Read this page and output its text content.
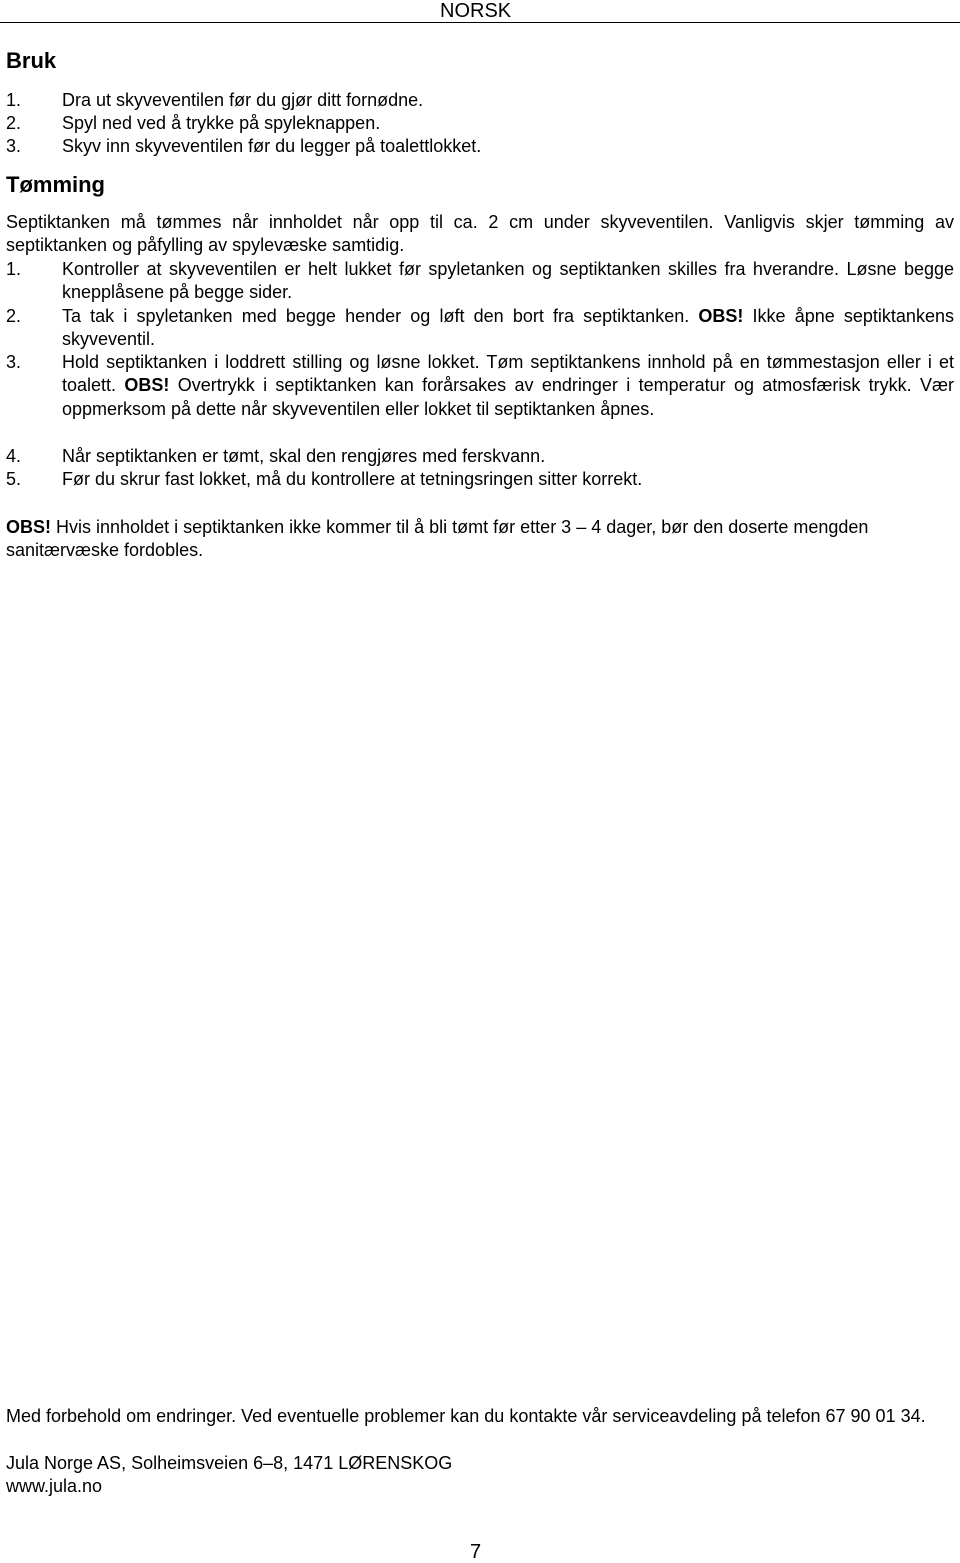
NORSK
Bruk
1.	Dra ut skyveventilen før du gjør ditt fornødne.
2.	Spyl ned ved å trykke på spyleknappen.
3.	Skyv inn skyveventilen før du legger på toalettlokket.
Tømming
Septiktanken må tømmes når innholdet når opp til ca. 2 cm under skyveventilen. Vanligvis skjer tømming av septiktanken og påfylling av spylevæske samtidig.
1.	Kontroller at skyveventilen er helt lukket før spyletanken og septiktanken skilles fra hverandre. Løsne begge knepplåsene på begge sider.
2.	Ta tak i spyletanken med begge hender og løft den bort fra septiktanken. OBS! Ikke åpne septiktankens skyveventil.
3.	Hold septiktanken i loddrett stilling og løsne lokket. Tøm septiktankens innhold på en tømmestasjon eller i et toalett. OBS! Overtrykk i septiktanken kan forårsakes av endringer i temperatur og atmosfærisk trykk. Vær oppmerksom på dette når skyveventilen eller lokket til septiktanken åpnes.
4.	Når septiktanken er tømt, skal den rengjøres med ferskvann.
5.	Før du skrur fast lokket, må du kontrollere at tetningsringen sitter korrekt.
OBS! Hvis innholdet i septiktanken ikke kommer til å bli tømt før etter 3 – 4 dager, bør den doserte mengden sanitærvæske fordobles.
Med forbehold om endringer. Ved eventuelle problemer kan du kontakte vår serviceavdeling på telefon 67 90 01 34.
Jula Norge AS, Solheimsveien 6–8, 1471 LØRENSKOG
www.jula.no
7
